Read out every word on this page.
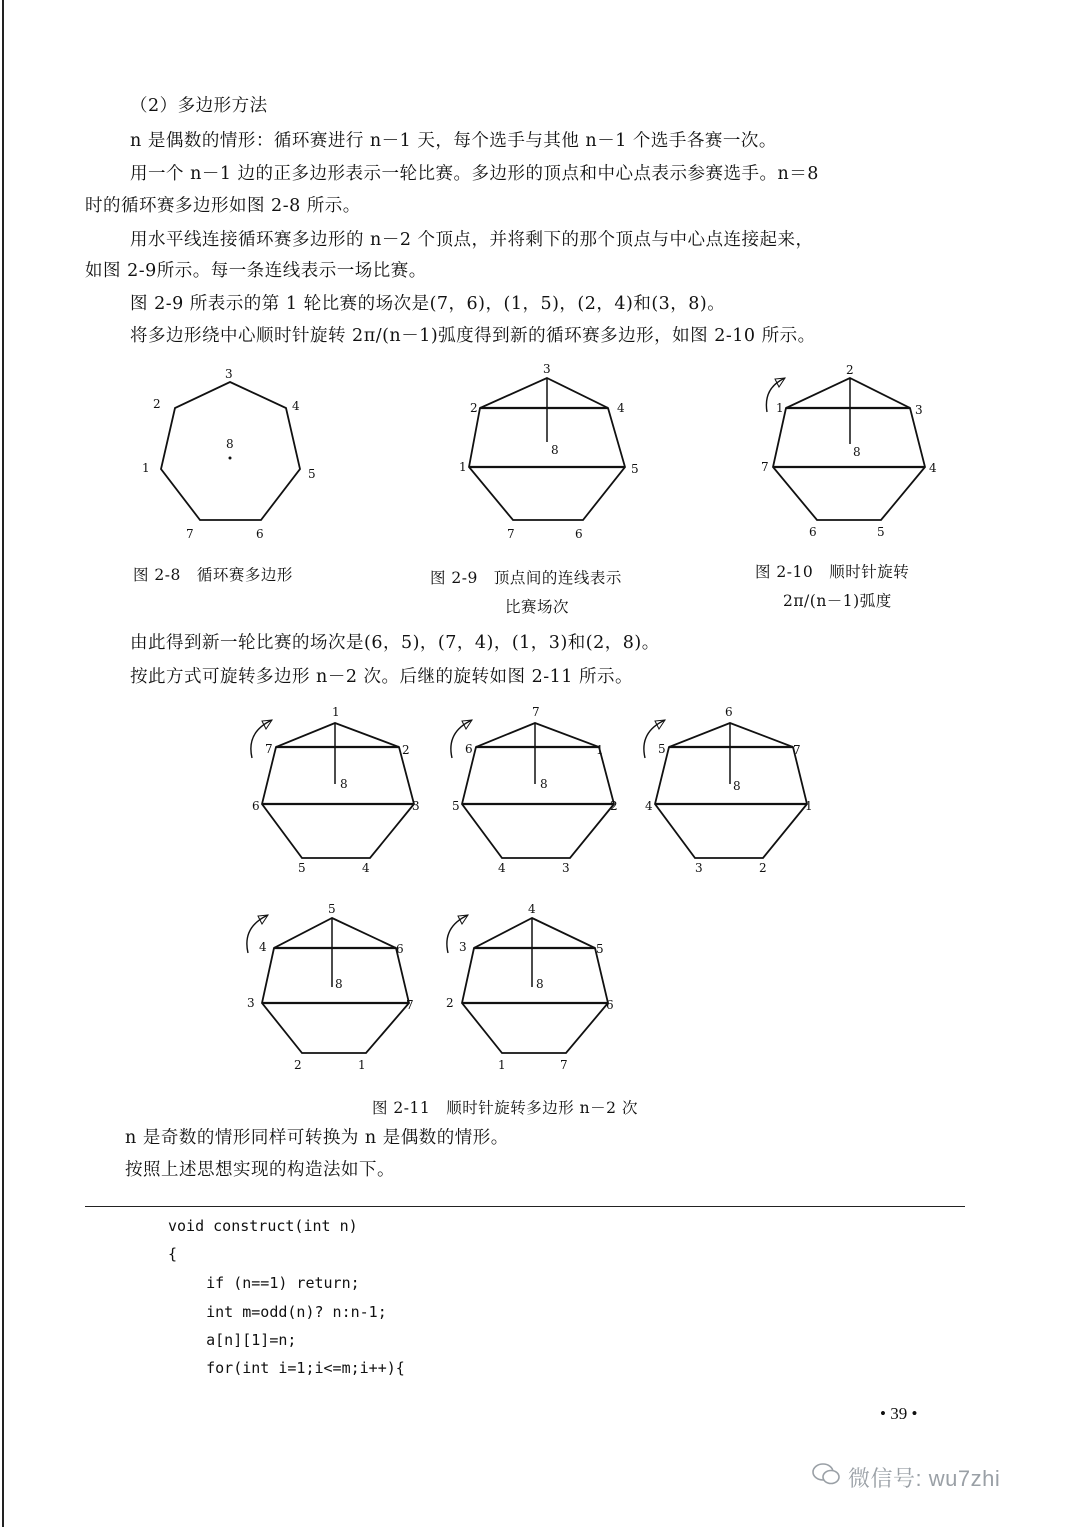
（2）多边形方法
n 是偶数的情形：循环赛进行 n－1 天，每个选手与其他 n－1 个选手各赛一次。
用一个 n－1 边的正多边形表示一轮比赛。多边形的顶点和中心点表示参赛选手。n＝8
时的循环赛多边形如图 2-8 所示。
用水平线连接循环赛多边形的 n－2 个顶点，并将剩下的那个顶点与中心点连接起来，
如图 2-9所示。每一条连线表示一场比赛。
图 2-9 所表示的第 1 轮比赛的场次是(7，6)，(1，5)，(2，4)和(3，8)。
将多边形绕中心顺时针旋转 2π/(n－1)弧度得到新的循环赛多边形，如图 2-10 所示。
3
4
5
6
7
1
2
8
3
4
5
6
7
1
2
8
2
3
4
5
6
7
1
8
图 2-8　循环赛多边形	图 2-9　顶点间的连线表示
比赛场次
图 2-10　顺时针旋转
2π/(n－1)弧度
由此得到新一轮比赛的场次是(6，5)，(7，4)，(1，3)和(2，8)。
按此方式可旋转多边形 n－2 次。后继的旋转如图 2-11 所示。
1
2
3
4
5
6
7
8
7
1
2
3
4
5
6
8
6
7
1
2
3
4
5
8
5
6
7
1
2
3
4
8
4
5
6
7
1
2
3
8
图 2-11　顺时针旋转多边形 n－2 次
n 是奇数的情形同样可转换为 n 是偶数的情形。
按照上述思想实现的构造法如下。
void construct(int n)
{
if (n==1) return;
int m=odd(n)? n:n-1;
a[n][1]=n;
for(int i=1;i<=m;i++){
• 39 •
微信号: wu7zhi
